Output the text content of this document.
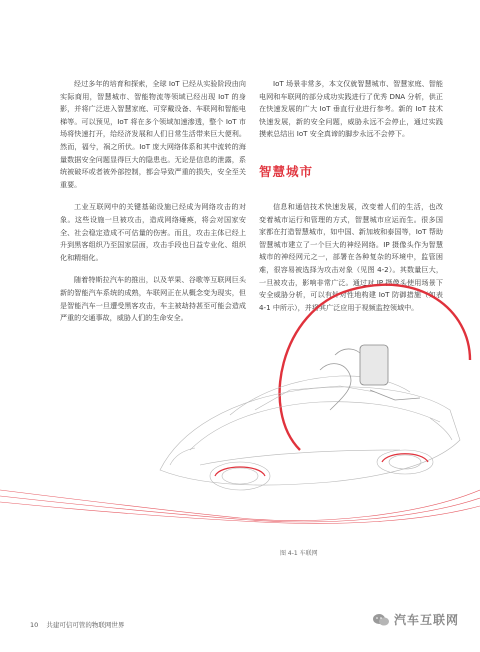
经过多年的培育和探索，全球 IoT 已经从实验阶段由向实际商用，智慧城市、智能物流等领域已经出现 IoT 的身影，并将广泛进入智慧家庭、可穿戴设备、车联网和智能电梯等。可以预见，IoT 将在多个领域加速渗透，整个 IoT 市场将快速打开，给经济发展和人们日常生活带来巨大便利。然而，福兮，祸之所伏。IoT 庞大网络体系和其中流转的海量数据安全问题显得巨大的隐患也。无论是信息的泄露，系统被破坏或者被外部控制，都会导致严重的损失，安全至关重要。

工业互联网中的关键基础设施已经成为网络攻击的对象。这些设施一旦被攻击，造成网络瘫痪，将会对国家安全、社会稳定造成不可估量的伤害。而且，攻击主体已经上升到黑客组织乃至国家层面，攻击手段也日益专业化、组织化和精细化。

随着特斯拉汽车的推出，以及苹果、谷歌等互联网巨头新的智能汽车系统的成熟，车联网正在从概念变为现实，但是智能汽车一旦遭受黑客攻击，车主被劫持甚至可能会造成严重的交通事故，威胁人们的生命安全。

IoT 场景非常多，本文仅就智慧城市、智慧家庭、智能电网和车联网的部分成功实践进行了优秀 DNA 分析，供正在快速发展的广大 IoT 垂直行业进行参考。新的 IoT 技术快速发展，新的安全问题，威胁永远不会停止，通过实践摸索总结出 IoT 安全真谛的脚步永远不会停下。

智慧城市

信息和通信技术快速发展，改变着人们的生活，也改变着城市运行和管理的方式，智慧城市应运而生。很多国家都在打造智慧城市，如中国、新加坡和泰国等，IoT 帮助智慧城市建立了一个巨大的神经网络。IP 摄像头作为智慧城市的神经网元之一，部署在各种复杂的环境中，监管困难，很容易被选择为攻击对象（见图 4-2）。其数量巨大，一旦被攻击，影响非常广泛。通过对 IP 摄像头使用场景下安全威胁分析，可以有针对性地构建 IoT 防御措施（如表 4-1 中所示），并将其广泛应用于视频监控领域中。

图 4-1 车联网
10 共建可信可管的物联网世界	汽车互联网
